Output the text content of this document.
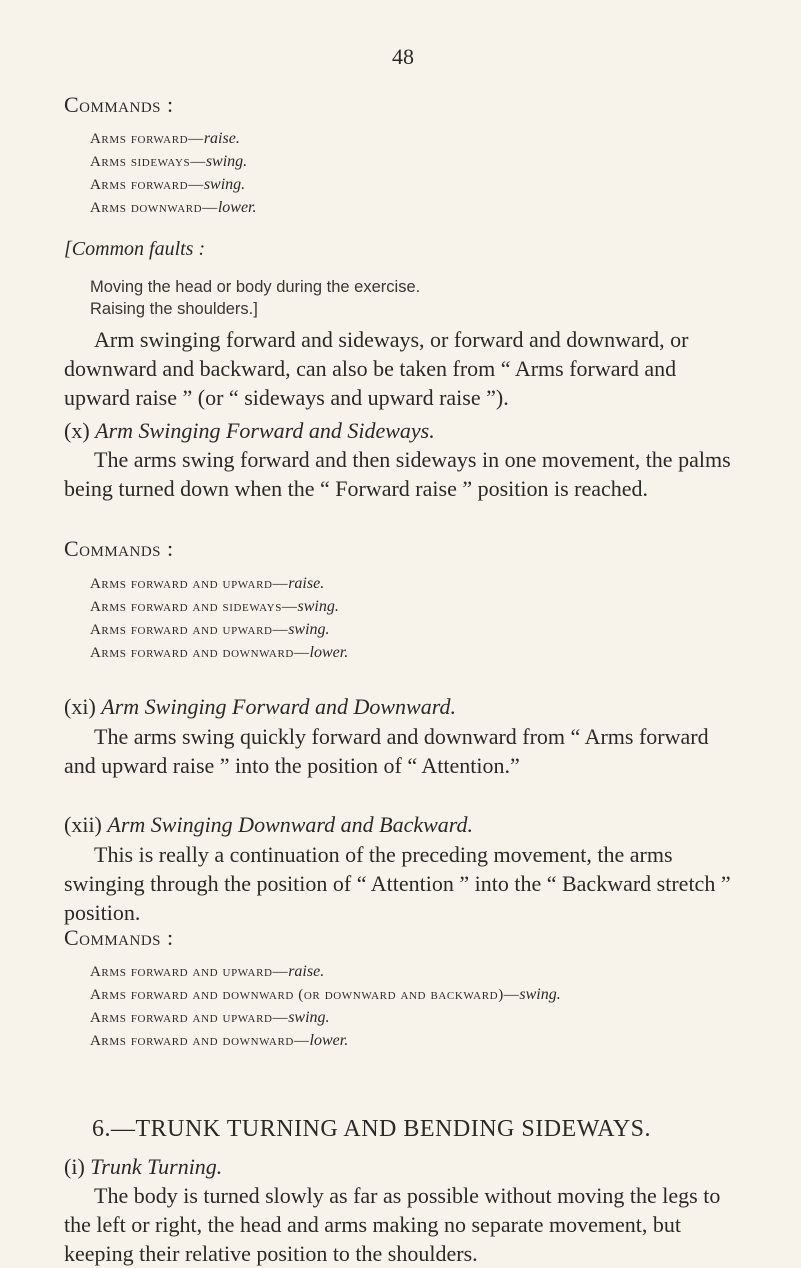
48
Commands :
Arms forward—raise.
Arms sideways—swing.
Arms forward—swing.
Arms downward—lower.
[Common faults :
Moving the head or body during the exercise.
Raising the shoulders.]

Arm swinging forward and sideways, or forward and downward, or downward and backward, can also be taken from “ Arms forward and upward raise ” (or “ sideways and upward raise ”).

(x) Arm Swinging Forward and Sideways.

The arms swing forward and then sideways in one movement, the palms being turned down when the “ Forward raise ” position is reached.

Commands :
Arms forward and upward—raise.
Arms forward and sideways—swing.
Arms forward and upward—swing.
Arms forward and downward—lower.
(xi) Arm Swinging Forward and Downward.

The arms swing quickly forward and downward from “ Arms forward and upward raise ” into the position of “ Attention.”

(xii) Arm Swinging Downward and Backward.

This is really a continuation of the preceding movement, the arms swinging through the position of “ Attention ” into the “ Backward stretch ” position.

Commands :
Arms forward and upward—raise.
Arms forward and downward (or downward and backward)—swing.
Arms forward and upward—swing.
Arms forward and downward—lower.
6.—TRUNK TURNING AND BENDING SIDEWAYS.
(i) Trunk Turning.

The body is turned slowly as far as possible without moving the legs to the left or right, the head and arms making no separate movement, but keeping their relative position to the shoulders.
